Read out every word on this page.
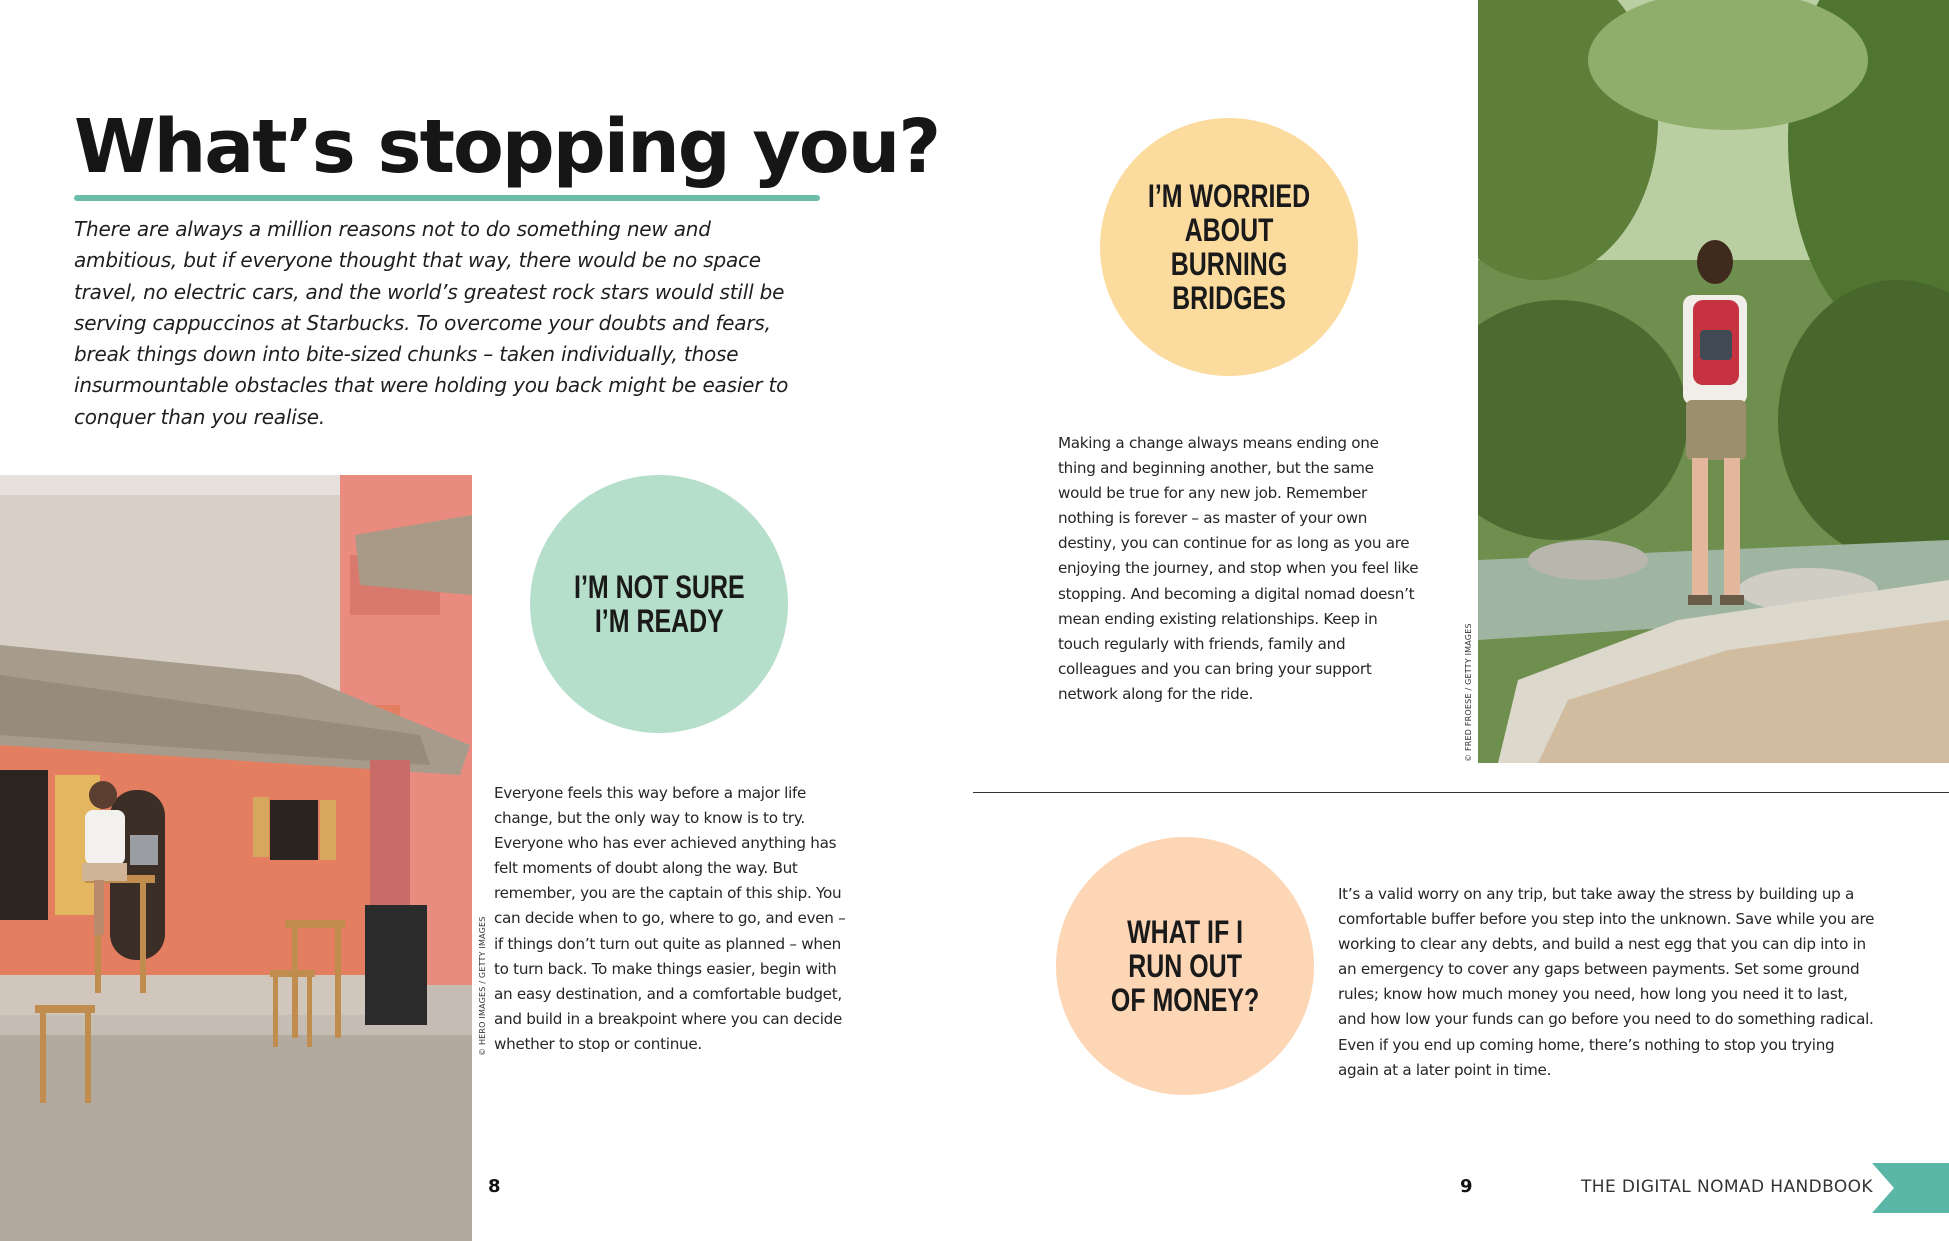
What’s stopping you?

There are always a million reasons not to do something new and ambitious, but if everyone thought that way, there would be no space travel, no electric cars, and the world’s greatest rock stars would still be serving cappuccinos at Starbucks. To overcome your doubts and fears, break things down into bite-sized chunks – taken individually, those insurmountable obstacles that were holding you back might be easier to conquer than you realise.

© HERO IMAGES / GETTY IMAGES
I’M NOT SURE
I’M READY

Everyone feels this way before a major life change, but the only way to know is to try. Everyone who has ever achieved anything has felt moments of doubt along the way. But remember, you are the captain of this ship. You can decide when to go, where to go, and even – if things don’t turn out quite as planned – when to turn back. To make things easier, begin with an easy destination, and a comfortable budget, and build in a breakpoint where you can decide whether to stop or continue.

8
I’M WORRIED
ABOUT BURNING
BRIDGES

Making a change always means ending one thing and beginning another, but the same would be true for any new job. Remember nothing is forever – as master of your own destiny, you can continue for as long as you are enjoying the journey, and stop when you feel like stopping. And becoming a digital nomad doesn’t mean ending existing relationships. Keep in touch regularly with friends, family and colleagues and you can bring your support network along for the ride.	© FRED FROESE / GETTY IMAGES
WHAT IF I
RUN OUT
OF MONEY?

It’s a valid worry on any trip, but take away the stress by building up a comfortable buffer before you step into the unknown. Save while you are working to clear any debts, and build a nest egg that you can dip into in an emergency to cover any gaps between payments. Set some ground rules; know how much money you need, how long you need it to last, and how low your funds can go before you need to do something radical. Even if you end up coming home, there’s nothing to stop you trying again at a later point in time.

9	THE DIGITAL NOMAD HANDBOOK
